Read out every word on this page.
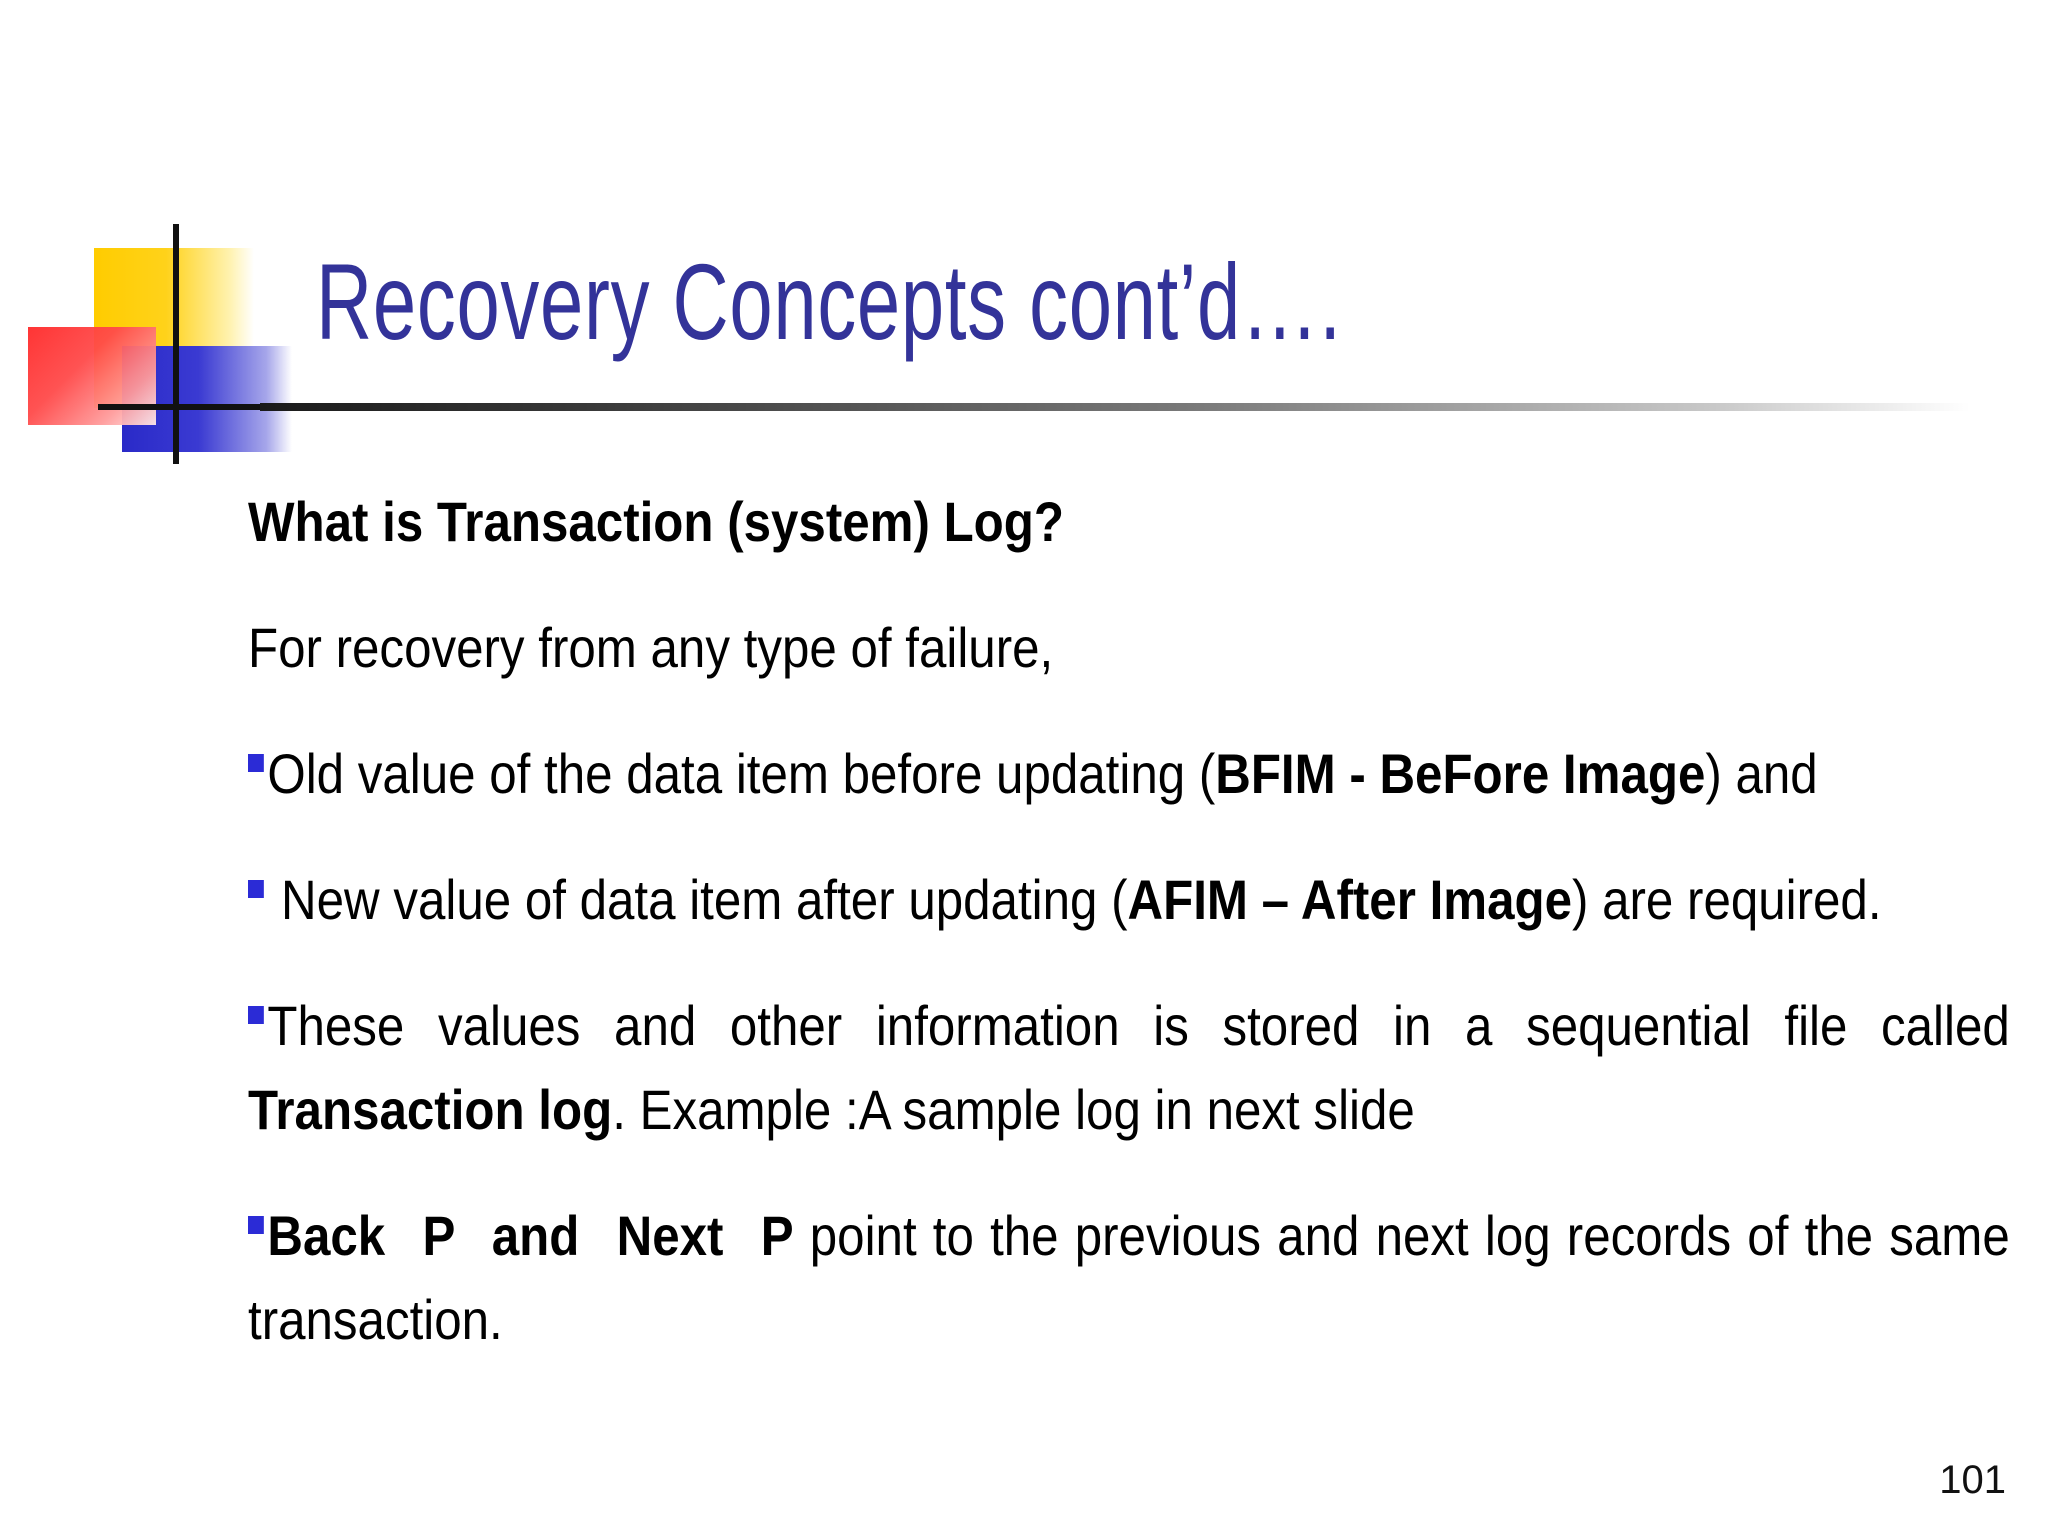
Recovery Concepts cont’d….

What is Transaction (system) Log?

For recovery from any type of failure,

Old value of the data item before updating (BFIM - BeFore Image) and

New value of data item after updating (AFIM – After Image) are required.

These values and other information is stored in a sequential file called Transaction log. Example :A sample log in next slide

Back P and Next P point to the previous and next log records of the same transaction.

101
